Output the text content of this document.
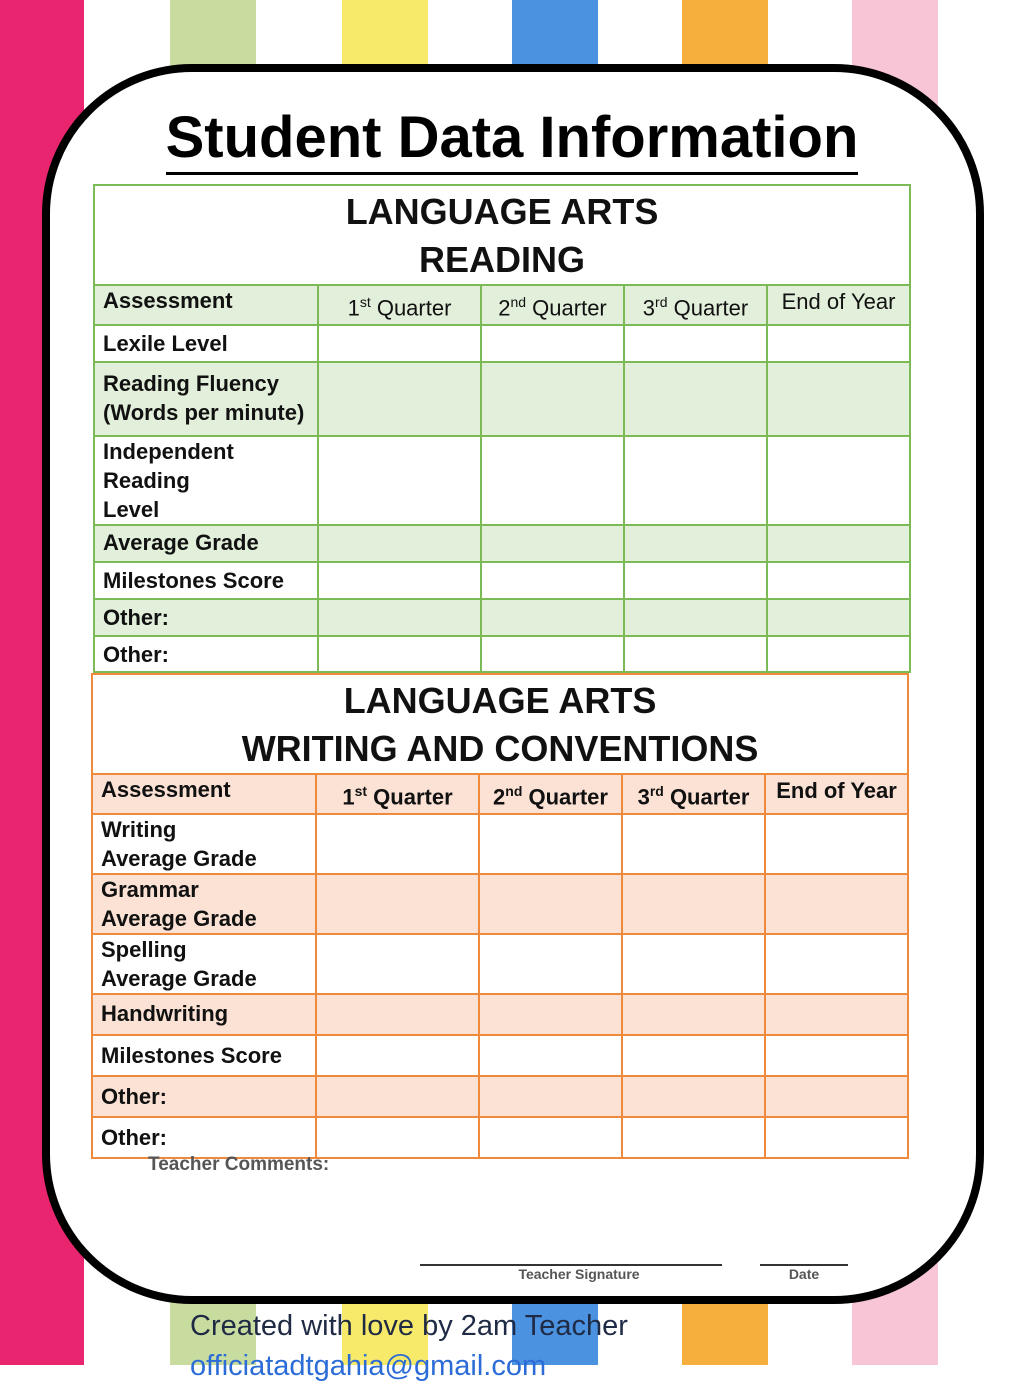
Student Data Information
LANGUAGE ARTS
READING				

Assessment	1st Quarter	2nd Quarter	3rd Quarter	End of Year

Lexile Level				

Reading Fluency
(Words per minute)				

Independent
Reading
Level				

Average Grade				

Milestones Score				

Other:				

Other:				

LANGUAGE ARTS
WRITING AND CONVENTIONS				

Assessment	1st Quarter	2nd Quarter	3rd Quarter	End of Year

Writing
Average Grade				

Grammar
Average Grade				

Spelling
Average Grade				

Handwriting				

Milestones Score				

Other:				

Other:				

Teacher Comments:
Teacher Signature	Date
Created with love by 2am Teacher
officiatadtgahia@gmail.com
